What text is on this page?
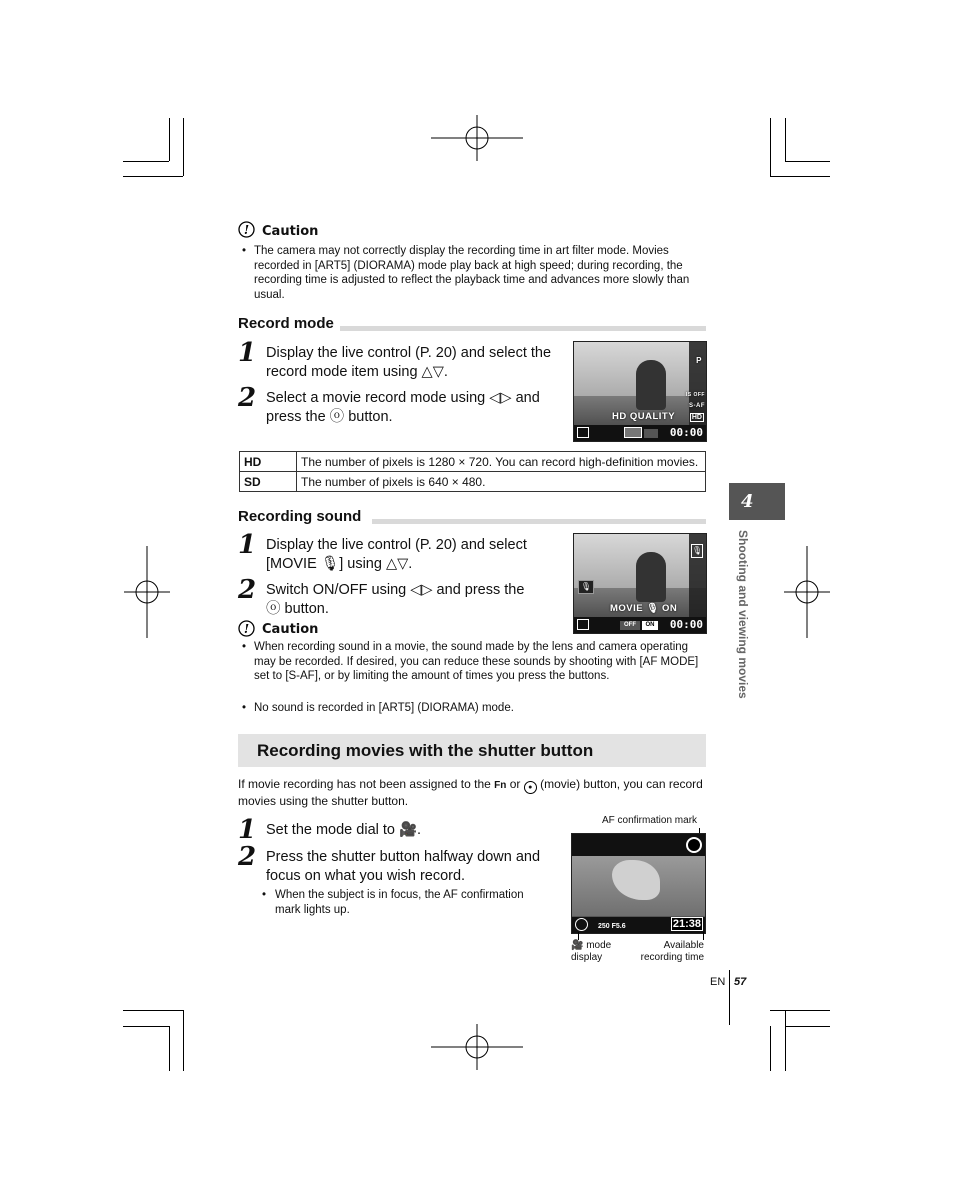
! Caution
• The camera may not correctly display the recording time in art filter mode. Movies recorded in [ART5] (DIORAMA) mode play back at high speed; during recording, the recording time is adjusted to reflect the playback time and advances more slowly than usual.
Record mode
1 Display the live control (P. 20) and select the record mode item using △▽.
2 Select a movie record mode using ◁▷ and press the ⓞ button.
P
IS OFF
S-AF
HD
HD QUALITY
00:00
HD	The number of pixels is 1280 × 720. You can record high-definition movies.
SD	The number of pixels is 640 × 480.
Recording sound
1 Display the live control (P. 20) and select [MOVIE 🎙] using △▽.
2 Switch ON/OFF using ◁▷ and press the ⓞ button.
🎙
🎙
MOVIE 🎙 ON
OFF	ON	00:00
! Caution
• When recording sound in a movie, the sound made by the lens and camera operating may be recorded. If desired, you can reduce these sounds by shooting with [AF MODE] set to [S-AF], or by limiting the amount of times you press the buttons.
• No sound is recorded in [ART5] (DIORAMA) mode.
Recording movies with the shutter button
If movie recording has not been assigned to the Fn or ● (movie) button, you can record movies using the shutter button.
1 Set the mode dial to 🎥.
2 Press the shutter button halfway down and focus on what you wish record.
• When the subject is in focus, the AF confirmation mark lights up.
AF confirmation mark
250 F5.6	21:38
🎥 mode display
Available recording time
4
Shooting and viewing movies
EN 57
